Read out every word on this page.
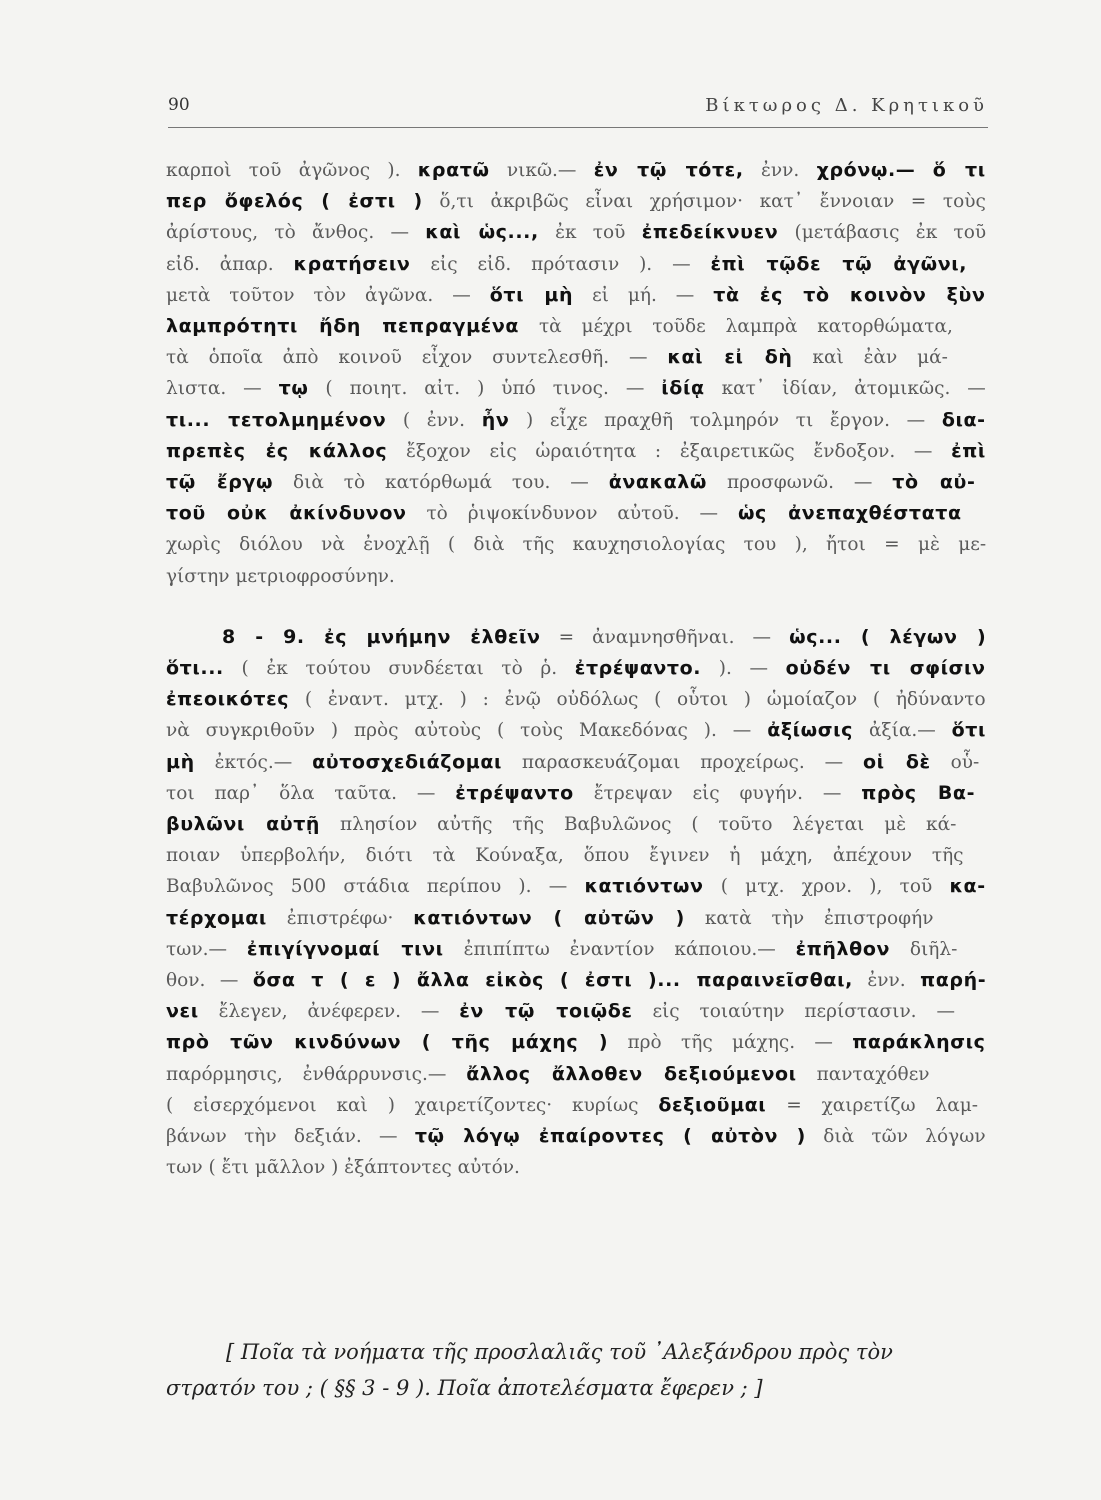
90	Βίκτωρος Δ. Κρητικοῦ
καρποὶ τοῦ ἀγῶνος ). κρατῶ νικῶ.— ἐν τῷ τότε, ἐνν. χρόνῳ.— ὅ τι
περ ὄφελός ( ἐστι ) ὅ,τι ἀκριβῶς εἶναι χρήσιμον· κατ᾽ ἔννοιαν = τοὺς
ἀρίστους, τὸ ἄνθος. — καὶ ὡς..., ἐκ τοῦ ἐπεδείκνυεν (μετάβασις ἐκ τοῦ
εἰδ. ἀπαρ. κρατήσειν εἰς εἰδ. πρότασιν ). — ἐπὶ τῷδε τῷ ἀγῶνι,
μετὰ τοῦτον τὸν ἀγῶνα. — ὅτι μὴ εἰ μή. — τὰ ἐς τὸ κοινὸν ξὺν
λαμπρότητι ἤδη πεπραγμένα τὰ μέχρι τοῦδε λαμπρὰ κατορθώματα,
τὰ ὁποῖα ἀπὸ κοινοῦ εἶχον συντελεσθῆ. — καὶ εἰ δὴ καὶ ἐὰν μά-
λιστα. — τῳ ( ποιητ. αἰτ. ) ὑπό τινος. — ἰδίᾳ κατ᾽ ἰδίαν, ἀτομικῶς. —
τι... τετολμημένον ( ἐνν. ἦν ) εἶχε πραχθῆ τολμηρόν τι ἔργον. — δια-
πρεπὲς ἐς κάλλος ἔξοχον εἰς ὡραιότητα : ἐξαιρετικῶς ἔνδοξον. — ἐπὶ
τῷ ἔργῳ διὰ τὸ κατόρθωμά του. — ἀνακαλῶ προσφωνῶ. — τὸ αὐ-
τοῦ οὐκ ἀκίνδυνον τὸ ῥιψοκίνδυνον αὐτοῦ. — ὡς ἀνεπαχθέστατα
χωρὶς διόλου νὰ ἐνοχλῇ ( διὰ τῆς καυχησιολογίας του ), ἤτοι = μὲ με-
γίστην μετριοφροσύνην.
8 - 9. ἐς μνήμην ἐλθεῖν = ἀναμνησθῆναι. — ὡς... ( λέγων )
ὅτι... ( ἐκ τούτου συνδέεται τὸ ῥ. ἐτρέψαντο. ). — οὐδέν τι σφίσιν
ἐπεοικότες ( ἐναντ. μτχ. ) : ἐνῷ οὐδόλως ( οὗτοι ) ὡμοίαζον ( ἠδύναντο
νὰ συγκριθοῦν ) πρὸς αὐτοὺς ( τοὺς Μακεδόνας ). — ἀξίωσις ἀξία.— ὅτι
μὴ ἐκτός.— αὐτοσχεδιάζομαι παρασκευάζομαι προχείρως. — οἱ δὲ οὗ-
τοι παρ᾽ ὅλα ταῦτα. — ἐτρέψαντο ἔτρεψαν εἰς φυγήν. — πρὸς Βα-
βυλῶνι αὐτῇ πλησίον αὐτῆς τῆς Βαβυλῶνος ( τοῦτο λέγεται μὲ κά-
ποιαν ὑπερβολήν, διότι τὰ Κούναξα, ὅπου ἔγινεν ἡ μάχη, ἀπέχουν τῆς
Βαβυλῶνος 500 στάδια περίπου ). — κατιόντων ( μτχ. χρον. ), τοῦ κα-
τέρχομαι ἐπιστρέφω· κατιόντων ( αὐτῶν ) κατὰ τὴν ἐπιστροφήν
των.— ἐπιγίγνομαί τινι ἐπιπίπτω ἐναντίον κάποιου.— ἐπῆλθον διῆλ-
θον. — ὅσα τ ( ε ) ἄλλα εἰκὸς ( ἐστι )... παραινεῖσθαι, ἐνν. παρή-
νει ἔλεγεν, ἀνέφερεν. — ἐν τῷ τοιῷδε εἰς τοιαύτην περίστασιν. —
πρὸ τῶν κινδύνων ( τῆς μάχης ) πρὸ τῆς μάχης. — παράκλησις
παρόρμησις, ἐνθάρρυνσις.— ἄλλος ἄλλοθεν δεξιούμενοι πανταχόθεν
( εἰσερχόμενοι καὶ ) χαιρετίζοντες· κυρίως δεξιοῦμαι = χαιρετίζω λαμ-
βάνων τὴν δεξιάν. — τῷ λόγῳ ἐπαίροντες ( αὐτὸν ) διὰ τῶν λόγων
των ( ἔτι μᾶλλον ) ἐξάπτοντες αὐτόν.
[ Ποῖα τὰ νοήματα τῆς προσλαλιᾶς τοῦ ᾿Αλεξάνδρου πρὸς τὸν
στρατόν του ; ( §§ 3 - 9 ). Ποῖα ἀποτελέσματα ἔφερεν ; ]
